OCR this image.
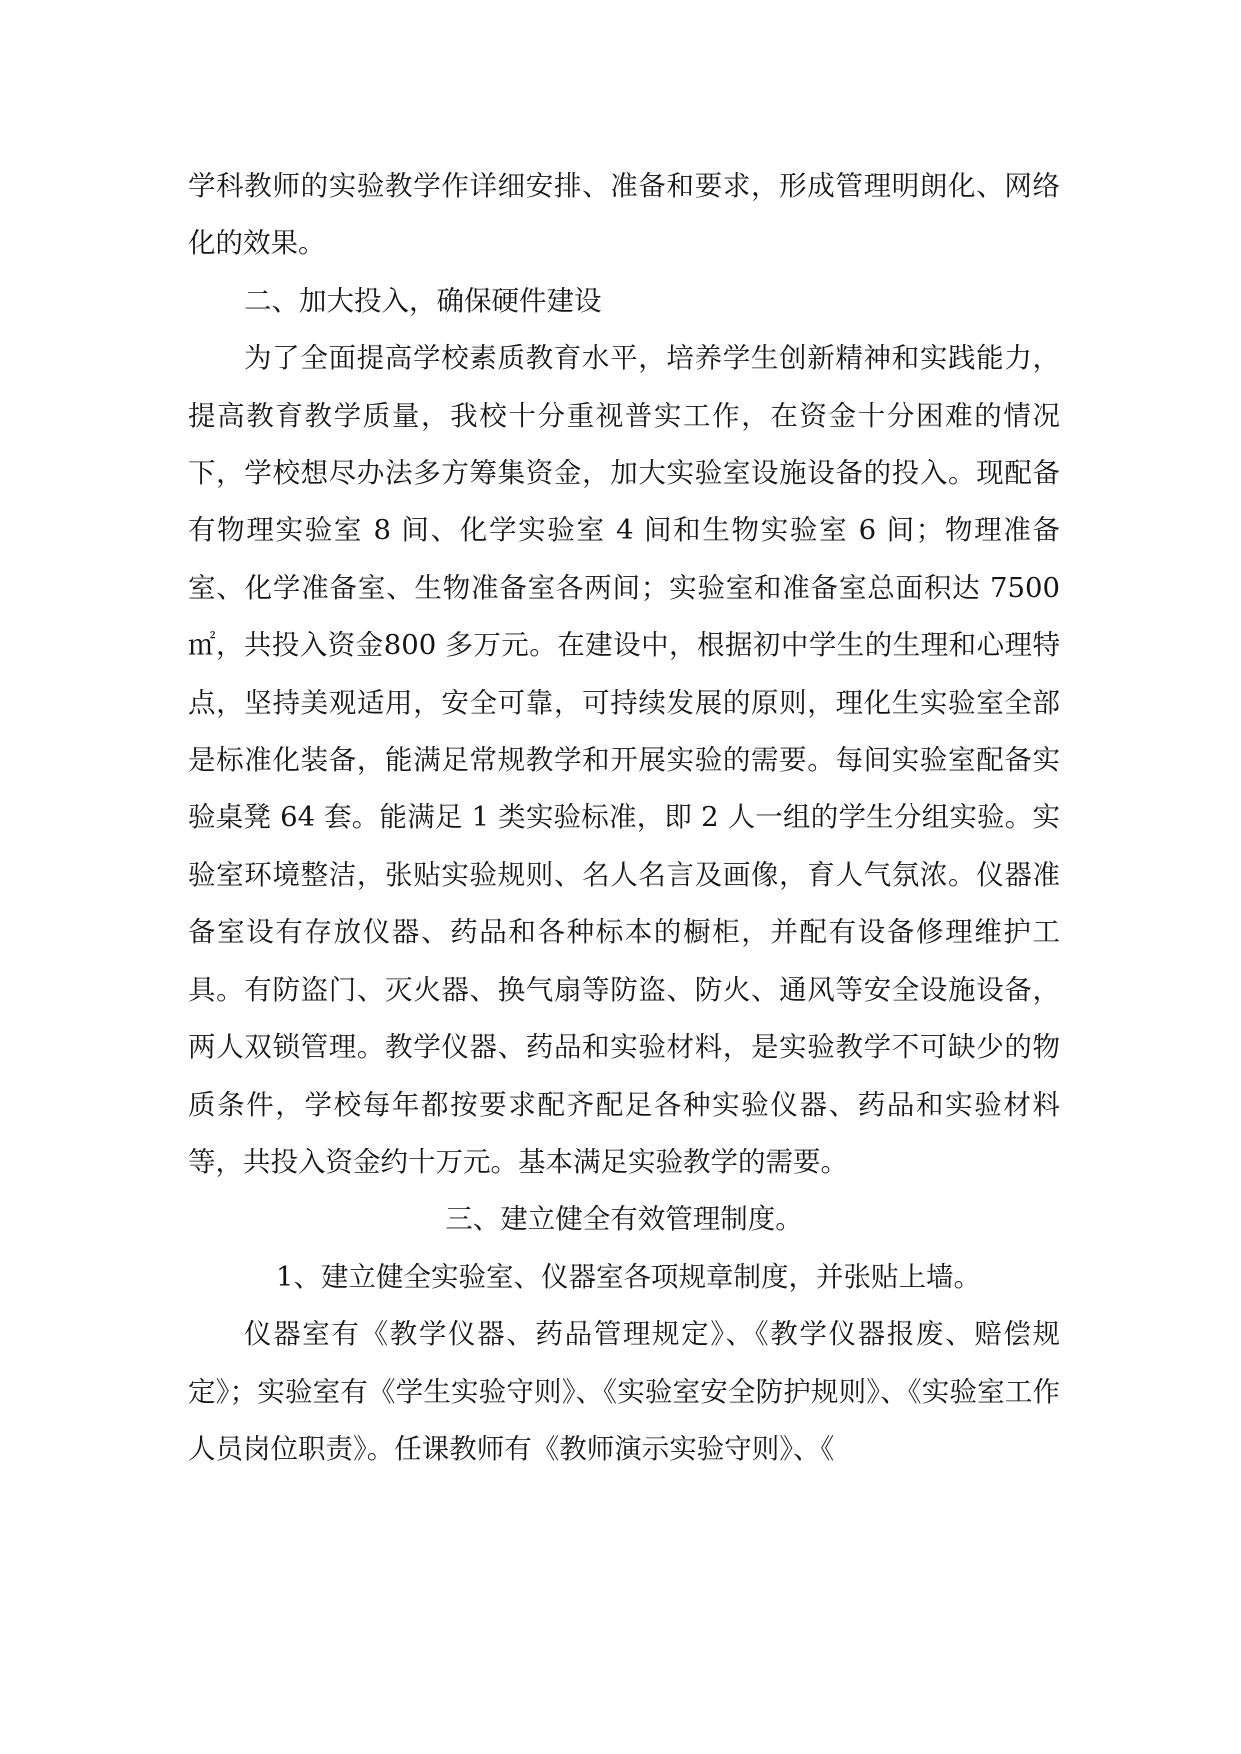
学科教师的实验教学作详细安排、准备和要求，形成管理明朗化、网络化的效果。

二、加大投入，确保硬件建设

为了全面提高学校素质教育水平，培养学生创新精神和实践能力，提高教育教学质量，我校十分重视普实工作，在资金十分困难的情况下，学校想尽办法多方筹集资金，加大实验室设施设备的投入。现配备有物理实验室 8 间、化学实验室 4 间和生物实验室 6 间；物理准备室、化学准备室、生物准备室各两间；实验室和准备室总面积达 7500 ㎡，共投入资金800 多万元。在建设中，根据初中学生的生理和心理特点，坚持美观适用，安全可靠，可持续发展的原则，理化生实验室全部是标准化装备，能满足常规教学和开展实验的需要。每间实验室配备实验桌凳 64 套。能满足 1 类实验标准，即 2 人一组的学生分组实验。实验室环境整洁，张贴实验规则、名人名言及画像，育人气氛浓。仪器准备室设有存放仪器、药品和各种标本的橱柜，并配有设备修理维护工具。有防盗门、灭火器、换气扇等防盗、防火、通风等安全设施设备，两人双锁管理。教学仪器、药品和实验材料，是实验教学不可缺少的物质条件，学校每年都按要求配齐配足各种实验仪器、药品和实验材料等，共投入资金约十万元。基本满足实验教学的需要。

三、建立健全有效管理制度。

1、建立健全实验室、仪器室各项规章制度，并张贴上墙。

仪器室有《教学仪器、药品管理规定》、《教学仪器报废、赔偿规定》；实验室有《学生实验守则》、《实验室安全防护规则》、《实验室工作人员岗位职责》。任课教师有《教师演示实验守则》、《
